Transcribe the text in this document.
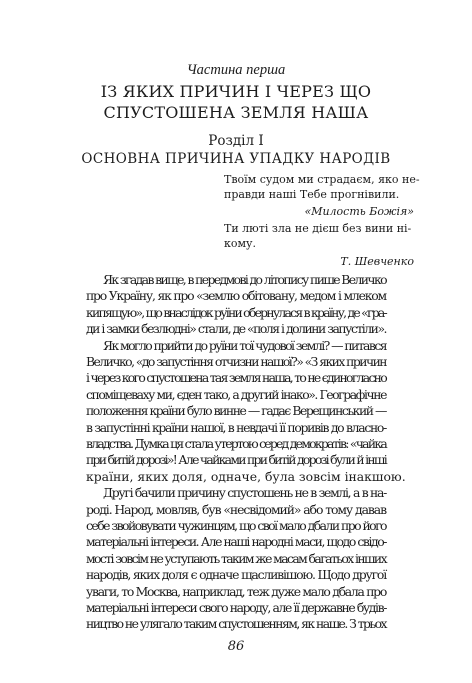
Частина перша
ІЗ ЯКИХ ПРИЧИН І ЧЕРЕЗ ЩО
СПУСТОШЕНА ЗЕМЛЯ НАША
Розділ І
ОСНОВНА ПРИЧИНА УПАДКУ НАРОДІВ
Твоїм судом ми страдаєм, яко не-
правди наші Тебе прогнівили.
«Милость Божія»
Ти люті зла не дієш без вини ні-
кому.
Т. Шевченко
Як згадав вище, в передмові до літопису пише Величко
про Україну, як про «землю обітовану, медом і млеком
кипящую», що внаслідок руїни обернулася в країну, де «гра-
ди і замки безлюдні» стали, де «поля і долини запустіли».
Як могло прийти до руїни тої чудової землі? — питався
Величко, «до запустіння отчизни нашої?» «З яких причин
і через кого спустошена тая земля наша, то не єдиногласно
споміщеваху ми, єден тако, а другий інако». Географічне
положення країни було винне — гадає Верещинський —
в запустінні країни нашої, в невдачі її поривів до власно-
владства. Думка ця стала утертою серед демократів: «чайка
при битій дорозі»! Але чайками при битій дорозі були й інші
країни, яких доля, одначе, була зовсім інакшою.
Другі бачили причину спустошень не в землі, а в на-
роді. Народ, мовляв, був «несвідомий» або тому давав
себе звойовувати чужинцям, що свої мало дбали про його
матеріальні інтереси. Але наші народні маси, щодо свідо-
мості зовсім не уступають таким же масам багатьох інших
народів, яких доля є одначе щасливішою. Щодо другої
уваги, то Москва, наприклад, теж дуже мало дбала про
матеріальні інтереси свого народу, але її державне будів-
ництво не улягало таким спустошенням, як наше. З трьох
86
